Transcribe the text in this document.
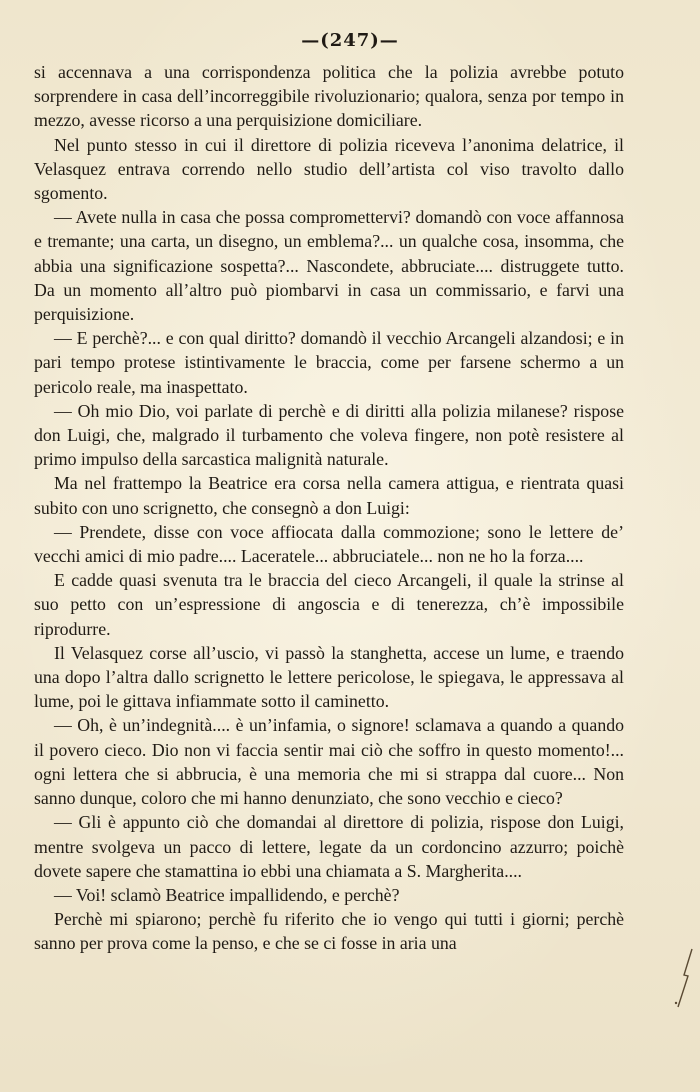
—(247)—

si accennava a una corrispondenza politica che la polizia avrebbe potuto sorprendere in casa dell’incorreggibile rivoluzionario; qualora, senza por tempo in mezzo, avesse ricorso a una perquisizione domiciliare.

Nel punto stesso in cui il direttore di polizia riceveva l’anonima delatrice, il Velasquez entrava correndo nello studio dell’artista col viso travolto dallo sgomento.

— Avete nulla in casa che possa compromettervi? domandò con voce affannosa e tremante; una carta, un disegno, un emblema?... un qualche cosa, insomma, che abbia una significazione sospetta?... Nascondete, abbruciate.... distruggete tutto. Da un momento all’altro può piombarvi in casa un commissario, e farvi una perquisizione.

— E perchè?... e con qual diritto? domandò il vecchio Arcangeli alzandosi; e in pari tempo protese istintivamente le braccia, come per farsene schermo a un pericolo reale, ma inaspettato.

— Oh mio Dio, voi parlate di perchè e di diritti alla polizia milanese? rispose don Luigi, che, malgrado il turbamento che voleva fingere, non potè resistere al primo impulso della sarcastica malignità naturale.

Ma nel frattempo la Beatrice era corsa nella camera attigua, e rientrata quasi subito con uno scrignetto, che consegnò a don Luigi:

— Prendete, disse con voce affiocata dalla commozione; sono le lettere de’ vecchi amici di mio padre.... Laceratele... abbruciatele... non ne ho la forza....

E cadde quasi svenuta tra le braccia del cieco Arcangeli, il quale la strinse al suo petto con un’espressione di angoscia e di tenerezza, ch’è impossibile riprodurre.

Il Velasquez corse all’uscio, vi passò la stanghetta, accese un lume, e traendo una dopo l’altra dallo scrignetto le lettere pericolose, le spiegava, le appressava al lume, poi le gittava infiammate sotto il caminetto.

— Oh, è un’indegnità.... è un’infamia, o signore! sclamava a quando a quando il povero cieco. Dio non vi faccia sentir mai ciò che soffro in questo momento!... ogni lettera che si abbrucia, è una memoria che mi si strappa dal cuore... Non sanno dunque, coloro che mi hanno denunziato, che sono vecchio e cieco?

— Gli è appunto ciò che domandai al direttore di polizia, rispose don Luigi, mentre svolgeva un pacco di lettere, legate da un cordoncino azzurro; poichè dovete sapere che stamattina io ebbi una chiamata a S. Margherita....

— Voi! sclamò Beatrice impallidendo, e perchè?

Perchè mi spiarono; perchè fu riferito che io vengo qui tutti i giorni; perchè sanno per prova come la penso, e che se ci fosse in aria una
